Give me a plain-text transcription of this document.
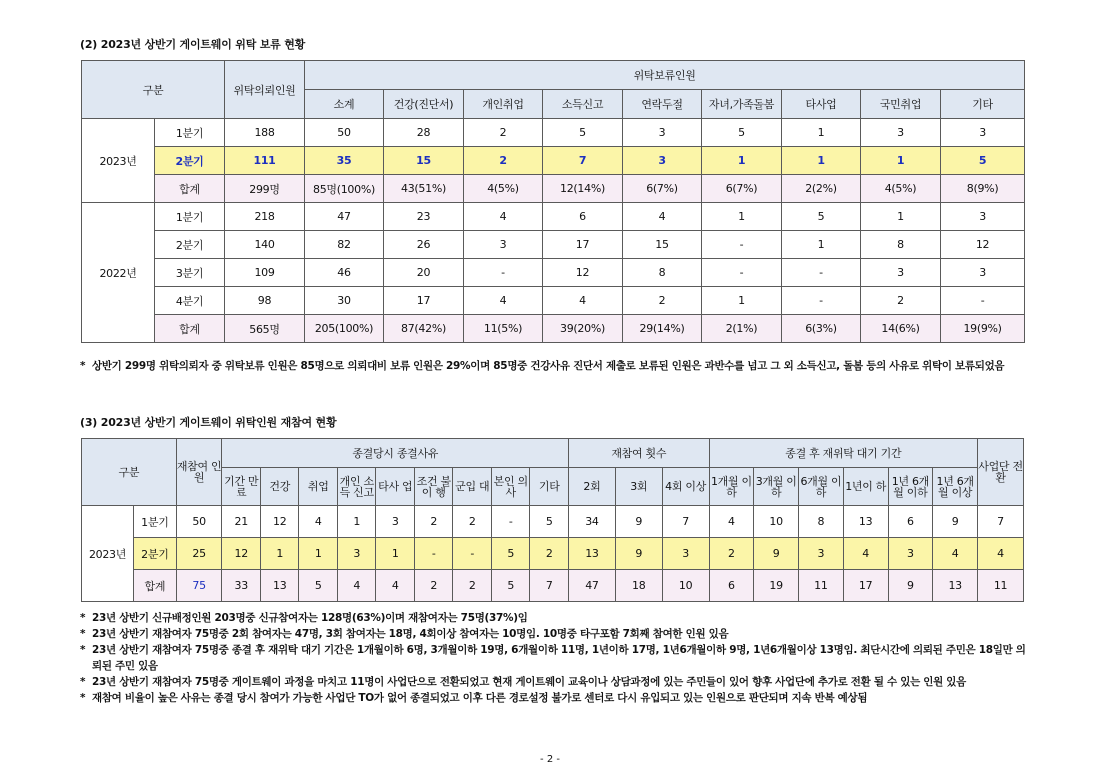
(2) 2023년 상반기 게이트웨이 위탁 보류 현황
구분		위탁의뢰인원	위탁보류인원								
			소계	건강(진단서)	개인취업	소득신고	연락두절	자녀,가족돌봄	타사업	국민취업	기타
2023년	1분기	188	50	28	2	5	3	5	1	3	3
	2분기	111	35	15	2	7	3	1	1	1	5
	합계	299명	85명(100%)	43(51%)	4(5%)	12(14%)	6(7%)	6(7%)	2(2%)	4(5%)	8(9%)
2022년	1분기	218	47	23	4	6	4	1	5	1	3
	2분기	140	82	26	3	17	15	-	1	8	12
	3분기	109	46	20	-	12	8	-	-	3	3
	4분기	98	30	17	4	4	2	1	-	2	-
	합계	565명	205(100%)	87(42%)	11(5%)	39(20%)	29(14%)	2(1%)	6(3%)	14(6%)	19(9%)
* 상반기 299명 위탁의뢰자 중 위탁보류 인원은 85명으로 의뢰대비 보류 인원은 29%이며 85명중 건강사유 진단서 제출로 보류된 인원은 과반수를 넘고 그 외 소득신고, 돌봄 등의 사유로 위탁이 보류되었음
(3) 2023년 상반기 게이트웨이 위탁인원 재참여 현황
구분		재참여 인원	종결당시 종결사유									재참여 횟수			종결 후 재위탁 대기 기간						사업단 전환
			기간 만료	건강	취업	개인 소득 신고	타사 업	조건 불이 행	군입 대	본인 의사	기타	2회	3회	4회 이상	1개월 이하	3개월 이하	6개월 이하	1년이 하	1년 6개월 이하	1년 6개월 이상	
2023년	1분기	50	21	12	4	1	3	2	2	-	5	34	9	7	4	10	8	13	6	9	7
	2분기	25	12	1	1	3	1	-	-	5	2	13	9	3	2	9	3	4	3	4	4
	합계	75	33	13	5	4	4	2	2	5	7	47	18	10	6	19	11	17	9	13	11
* 23년 상반기 신규배정인원 203명중 신규참여자는 128명(63%)이며 재참여자는 75명(37%)임
* 23년 상반기 재참여자 75명중 2회 참여자는 47명, 3회 참여자는 18명, 4회이상 참여자는 10명임. 10명중 타구포함 7회째 참여한 인원 있음
* 23년 상반기 재참여자 75명중 종결 후 재위탁 대기 기간은 1개월이하 6명, 3개월이하 19명, 6개월이하 11명, 1년이하 17명, 1년6개월이하 9명, 1년6개월이상 13명임. 최단시간에 의뢰된 주민은 18일만 의뢰된 주민 있음
* 23년 상반기 재참여자 75명중 게이트웨이 과정을 마치고 11명이 사업단으로 전환되었고 현재 게이트웨이 교육이나 상담과정에 있는 주민들이 있어 향후 사업단에 추가로 전환 될 수 있는 인원 있음
* 재참여 비율이 높은 사유는 종결 당시 참여가 가능한 사업단 TO가 없어 종결되었고 이후 다른 경로설정 불가로 센터로 다시 유입되고 있는 인원으로 판단되며 지속 반복 예상됨
- 2 -
